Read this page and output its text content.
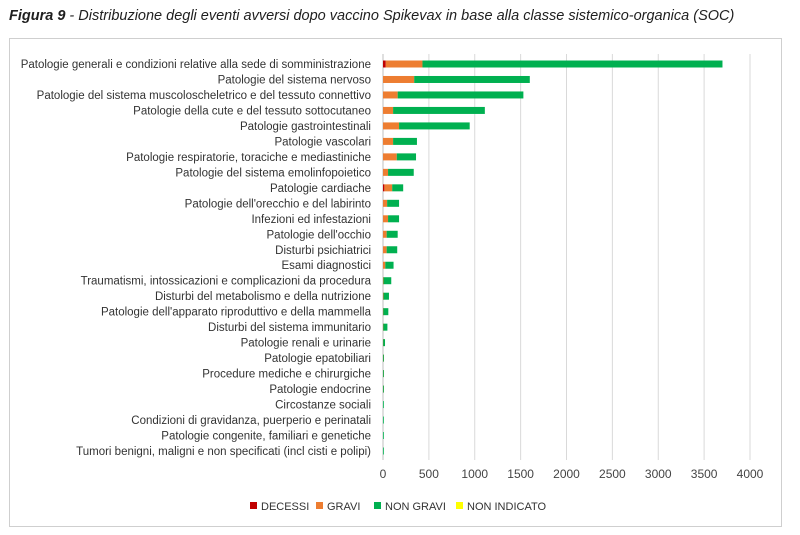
Figura 9 - Distribuzione degli eventi avversi dopo vaccino Spikevax in base alla classe sistemico-organica (SOC)
0	500 1000 1500 2000 2500 3000 3500 4000
Patologie generali e condizioni relative alla sede di somministrazione
Patologie del sistema nervoso
Patologie del sistema muscoloscheletrico e del tessuto connettivo
Patologie della cute e del tessuto sottocutaneo
Patologie gastrointestinali
Patologie vascolari
Patologie respiratorie, toraciche e mediastiniche
Patologie del sistema emolinfopoietico
Patologie cardiache
Patologie dell'orecchio e del labirinto
Infezioni ed infestazioni
Patologie dell'occhio
Disturbi psichiatrici
Esami diagnostici
Traumatismi, intossicazioni e complicazioni da procedura
Disturbi del metabolismo e della nutrizione
Patologie dell'apparato riproduttivo e della mammella
Disturbi del sistema immunitario
Patologie renali e urinarie
Patologie epatobiliari
Procedure mediche e chirurgiche
Patologie endocrine
Circostanze sociali
Condizioni di gravidanza, puerperio e perinatali
Patologie congenite, familiari e genetiche
Tumori benigni, maligni e non specificati (incl cisti e polipi)
DECESSI GRAVI NON GRAVI NON INDICATO
